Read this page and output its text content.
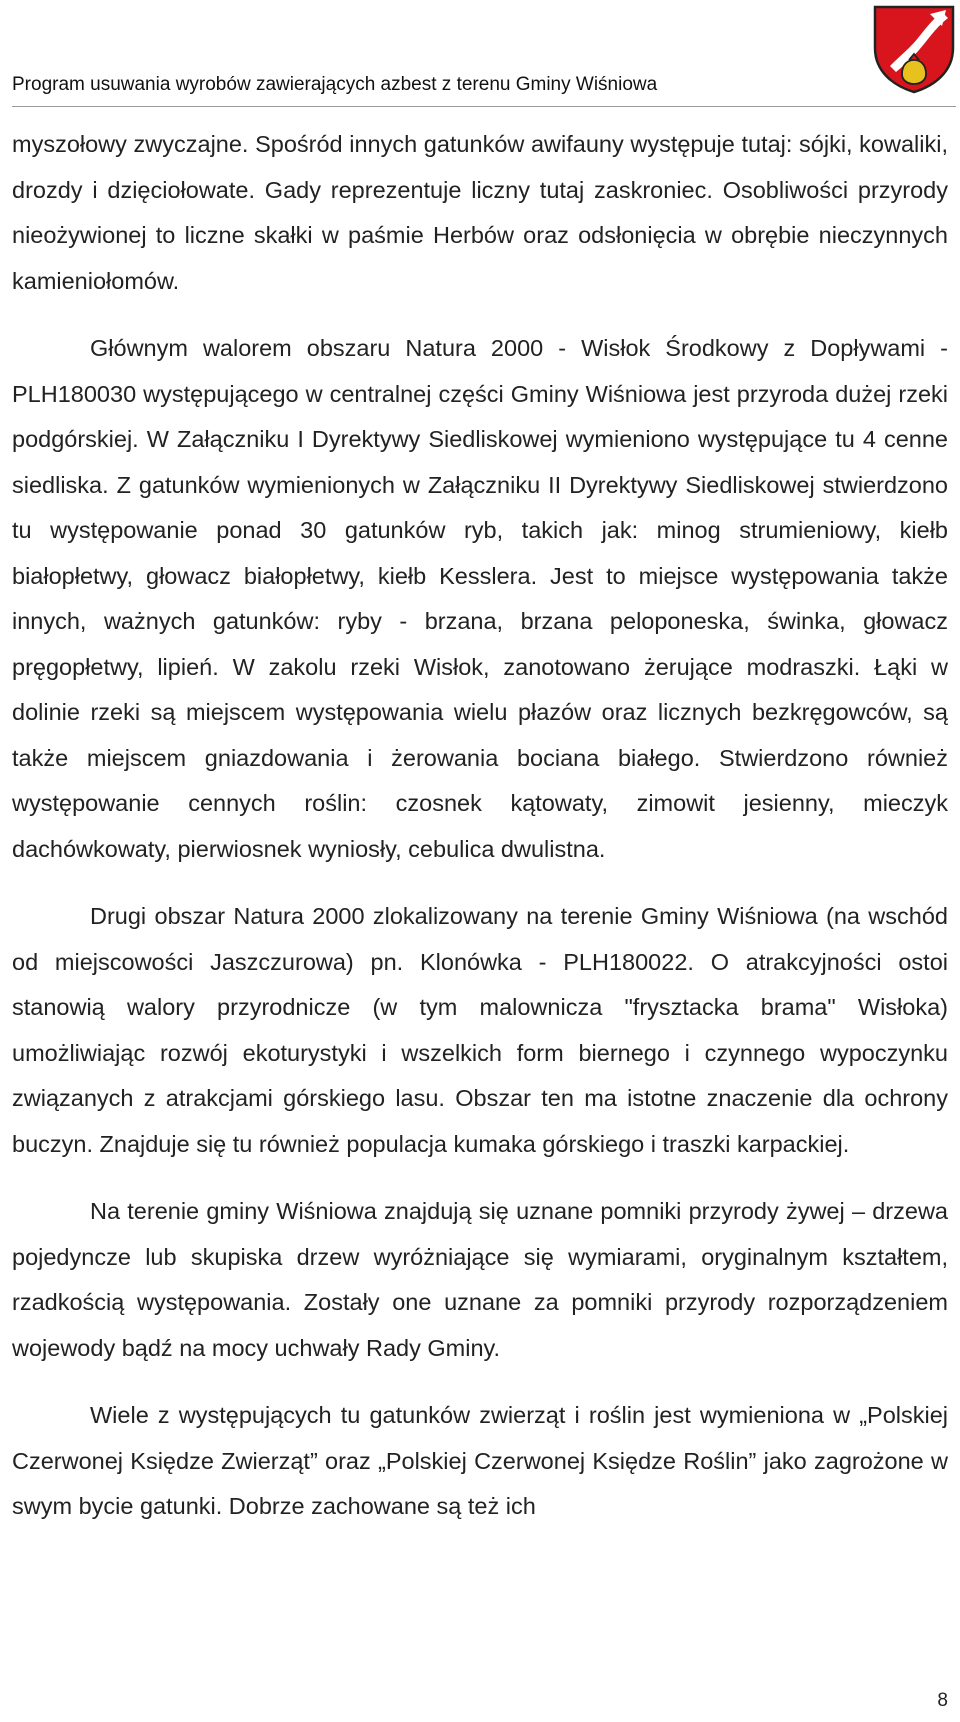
Program usuwania wyrobów zawierających azbest z terenu Gminy Wiśniowa

myszołowy zwyczajne. Spośród innych gatunków awifauny występuje tutaj: sójki, kowaliki, drozdy i dzięciołowate. Gady reprezentuje liczny tutaj zaskroniec. Osobliwości przyrody nieożywionej to liczne skałki w paśmie Herbów oraz odsłonięcia w obrębie nieczynnych kamieniołomów.

Głównym walorem obszaru Natura 2000 - Wisłok Środkowy z Dopływami - PLH180030 występującego w centralnej części Gminy Wiśniowa jest przyroda dużej rzeki podgórskiej. W Załączniku I Dyrektywy Siedliskowej wymieniono występujące tu 4 cenne siedliska. Z gatunków wymienionych w Załączniku II Dyrektywy Siedliskowej stwierdzono tu występowanie ponad 30 gatunków ryb, takich jak: minog strumieniowy, kiełb białopłetwy, głowacz białopłetwy, kiełb Kesslera. Jest to miejsce występowania także innych, ważnych gatunków: ryby - brzana, brzana peloponeska, świnka, głowacz pręgopłetwy, lipień. W zakolu rzeki Wisłok, zanotowano żerujące modraszki. Łąki w dolinie rzeki są miejscem występowania wielu płazów oraz licznych bezkręgowców, są także miejscem gniazdowania i żerowania bociana białego. Stwierdzono również występowanie cennych roślin: czosnek kątowaty, zimowit jesienny, mieczyk dachówkowaty, pierwiosnek wyniosły, cebulica dwulistna.

Drugi obszar Natura 2000 zlokalizowany na terenie Gminy Wiśniowa (na wschód od miejscowości Jaszczurowa) pn. Klonówka - PLH180022. O atrakcyjności ostoi stanowią walory przyrodnicze (w tym malownicza "frysztacka brama" Wisłoka) umożliwiając rozwój ekoturystyki i wszelkich form biernego i czynnego wypoczynku związanych z atrakcjami górskiego lasu. Obszar ten ma istotne znaczenie dla ochrony buczyn. Znajduje się tu również populacja kumaka górskiego i traszki karpackiej.

Na terenie gminy Wiśniowa znajdują się uznane pomniki przyrody żywej – drzewa pojedyncze lub skupiska drzew wyróżniające się wymiarami, oryginalnym kształtem, rzadkością występowania. Zostały one uznane za pomniki przyrody rozporządzeniem wojewody bądź na mocy uchwały Rady Gminy.

Wiele z występujących tu gatunków zwierząt i roślin jest wymieniona w „Polskiej Czerwonej Księdze Zwierząt” oraz „Polskiej Czerwonej Księdze Roślin” jako zagrożone w swym bycie gatunki. Dobrze zachowane są też ich

8
